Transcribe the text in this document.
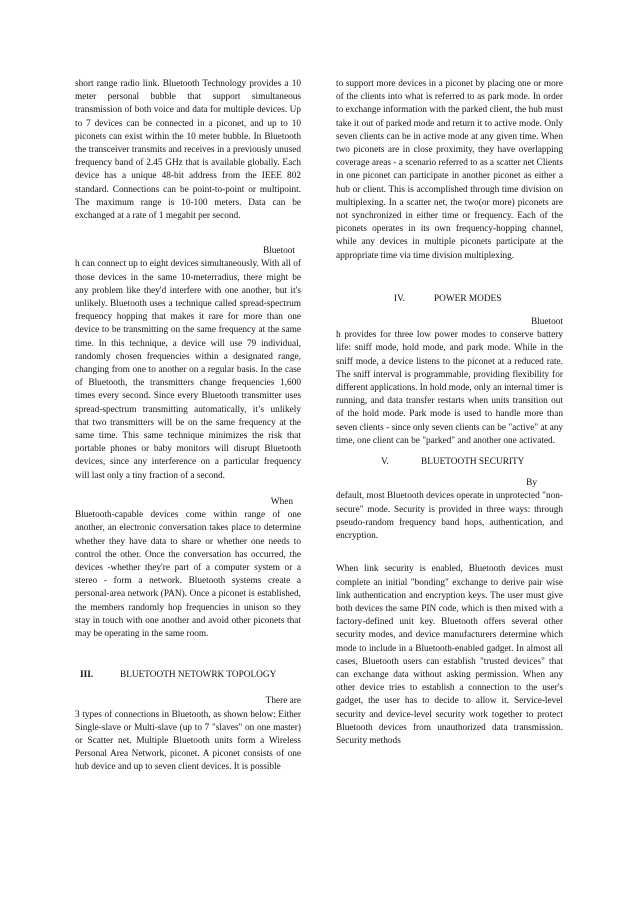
short range radio link. Bluetooth Technology provides a 10 meter personal bubble that support simultaneous transmission of both voice and data for multiple devices. Up to 7 devices can be connected in a piconet, and up to 10 piconets can exist within the 10 meter bubble. In Bluetooth the transceiver transmits and receives in a previously unused frequency band of 2.45 GHz that is available globally. Each device has a unique 48-bit address from the IEEE 802 standard. Connections can be point-to-point or multipoint. The maximum range is 10-100 meters. Data can be exchanged at a rate of 1 megabit per second.

Bluetoot

h can connect up to eight devices simultaneously. With all of those devices in the same 10-meterradius, there might be any problem like they'd interfere with one another, but it's unlikely. Bluetooth uses a technique called spread-spectrum frequency hopping that makes it rare for more than one device to be transmitting on the same frequency at the same time. In this technique, a device will use 79 individual, randomly chosen frequencies within a designated range, changing from one to another on a regular basis. In the case of Bluetooth, the transmitters change frequencies 1,600 times every second. Since every Bluetooth transmitter uses spread-spectrum transmitting automatically, it’s unlikely that two transmitters will be on the same frequency at the same time. This same technique minimizes the risk that portable phones or baby monitors will disrupt Bluetooth devices, since any interference on a particular frequency will last only a tiny fraction of a second.

When

Bluetooth-capable devices come within range of one another, an electronic conversation takes place to determine whether they have data to share or whether one needs to control the other. Once the conversation has occurred, the devices -whether they're part of a computer system or a stereo - form a network. Bluetooth systems create a personal-area network (PAN). Once a piconet is established, the members randomly hop frequencies in unison so they stay in touch with one another and avoid other piconets that may be operating in the same room.

III.	BLUETOOTH NETOWRK TOPOLOGY
There are

3 types of connections in Bluetooth, as shown below: Either Single-slave or Multi-slave (up to 7 "slaves" on one master) or Scatter net. Multiple Bluetooth units form a Wireless Personal Area Network, piconet. A piconet consists of one hub device and up to seven client devices. It is possible

to support more devices in a piconet by placing one or more of the clients into what is referred to as park mode. In order to exchange information with the parked client, the hub must take it out of parked mode and return it to active mode. Only seven clients can be in active mode at any given time. When two piconets are in close proximity, they have overlapping coverage areas - a scenario referred to as a scatter net Clients in one piconet can participate in another piconet as either a hub or client. This is accomplished through time division on multiplexing. In a scatter net, the two(or more) piconets are not synchronized in either time or frequency. Each of the piconets operates in its own frequency-hopping channel, while any devices in multiple piconets participate at the appropriate time via time division multiplexing.

IV.	POWER MODES
Bluetoot

h provides for three low power modes to conserve battery life: sniff mode, hold mode, and park mode. While in the sniff mode, a device listens to the piconet at a reduced rate. The sniff interval is programmable, providing flexibility for different applications. In hold mode, only an internal timer is running, and data transfer restarts when units transition out of the hold mode. Park mode is used to handle more than seven clients - since only seven clients can be "active" at any time, one client can be "parked" and another one activated.

V.	BLUETOOTH SECURITY
By

default, most Bluetooth devices operate in unprotected "non-secure" mode. Security is provided in three ways: through pseudo-random frequency band hops, authentication, and encryption.

When link security is enabled, Bluetooth devices must complete an initial "bonding" exchange to derive pair wise link authentication and encryption keys. The user must give both devices the same PIN code, which is then mixed with a factory-defined unit key. Bluetooth offers several other security modes, and device manufacturers determine which mode to include in a Bluetooth-enabled gadget. In almost all cases, Bluetooth users can establish "trusted devices" that can exchange data without asking permission. When any other device tries to establish a connection to the user's gadget, the user has to decide to allow it. Service-level security and device-level security work together to protect Bluetooth devices from unauthorized data transmission. Security methods
